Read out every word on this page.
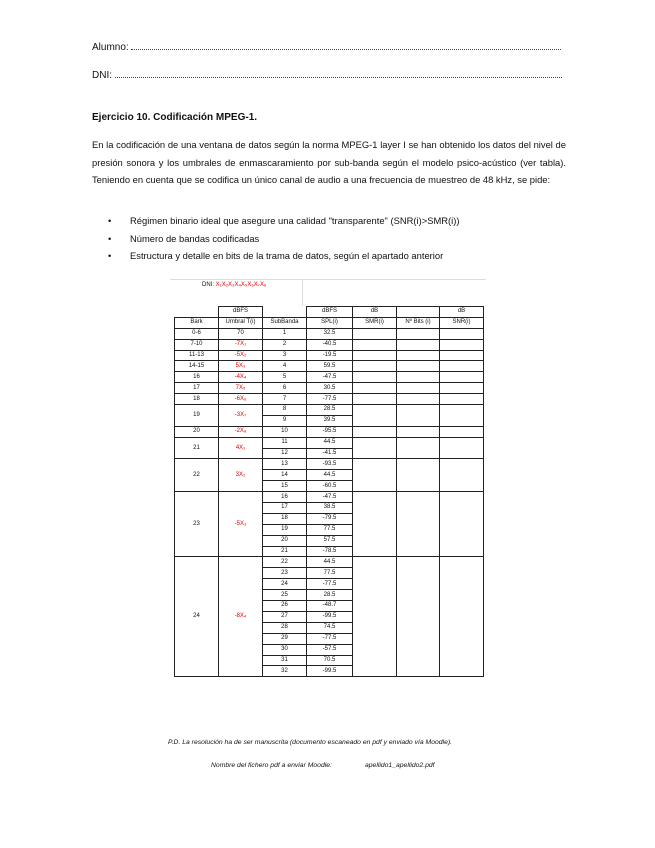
Alumno:
DNI:
Ejercicio 10. Codificación MPEG-1.
En la codificación de una ventana de datos según la norma MPEG-1 layer I se han obtenido los datos del nivel de presión sonora y los umbrales de enmascaramiento por sub-banda según el modelo psico-acústico (ver tabla). Teniendo en cuenta que se codifica un único canal de audio a una frecuencia de muestreo de 48 kHz, se pide:
• Régimen binario ideal que asegure una calidad "transparente" (SNR(i)>SMR(i))
• Número de bandas codificadas
• Estructura y detalle en bits de la trama de datos, según el apartado anterior
DNI: X₁X₂X₃X₄X₅X₆X₇X₈
	dBFS		dBFS	dB		dB
Bark	Umbral T(i)	SubBanda	SPL(i)	SMR(i)	Nº Bits (i)	SNR(i)
0-6	70	1	32.5			
7-10	-7X₁	2	-40.5			
11-13	-5X₂	3	-19.5			
14-15	5X₃	4	59.5			
16	-4X₄	5	-47.5			
17	7X₅	6	30.5			
18	-6X₆	7	-77.5			
19	-3X₇	8	28.5			
		9	39.5			
20	-2X₈	10	-95.5			
21	4X₁	11	44.5			
		12	-41.5			
22	3X₂	13	-93.5			
		14	44.5			
		15	-60.5			
23	-5X₃	16	-47.5			
		17	38.5			
		18	-79.5			
		19	77.5			
		20	57.5			
		21	-78.5			
24	-8X₄	22	44.5			
		23	77.5			
		24	-77.5			
		25	28.5			
		26	-48.7			
		27	-99.5			
		28	74.5			
		29	-77.5			
		30	-57.5			
		31	70.5			
		32	-99.5			
P.D. La resolución ha de ser manuscrita (documento escaneado en pdf y enviado vía Moodle).
Nombre del fichero pdf a enviar Moodle:	apellido1_apellido2.pdf
